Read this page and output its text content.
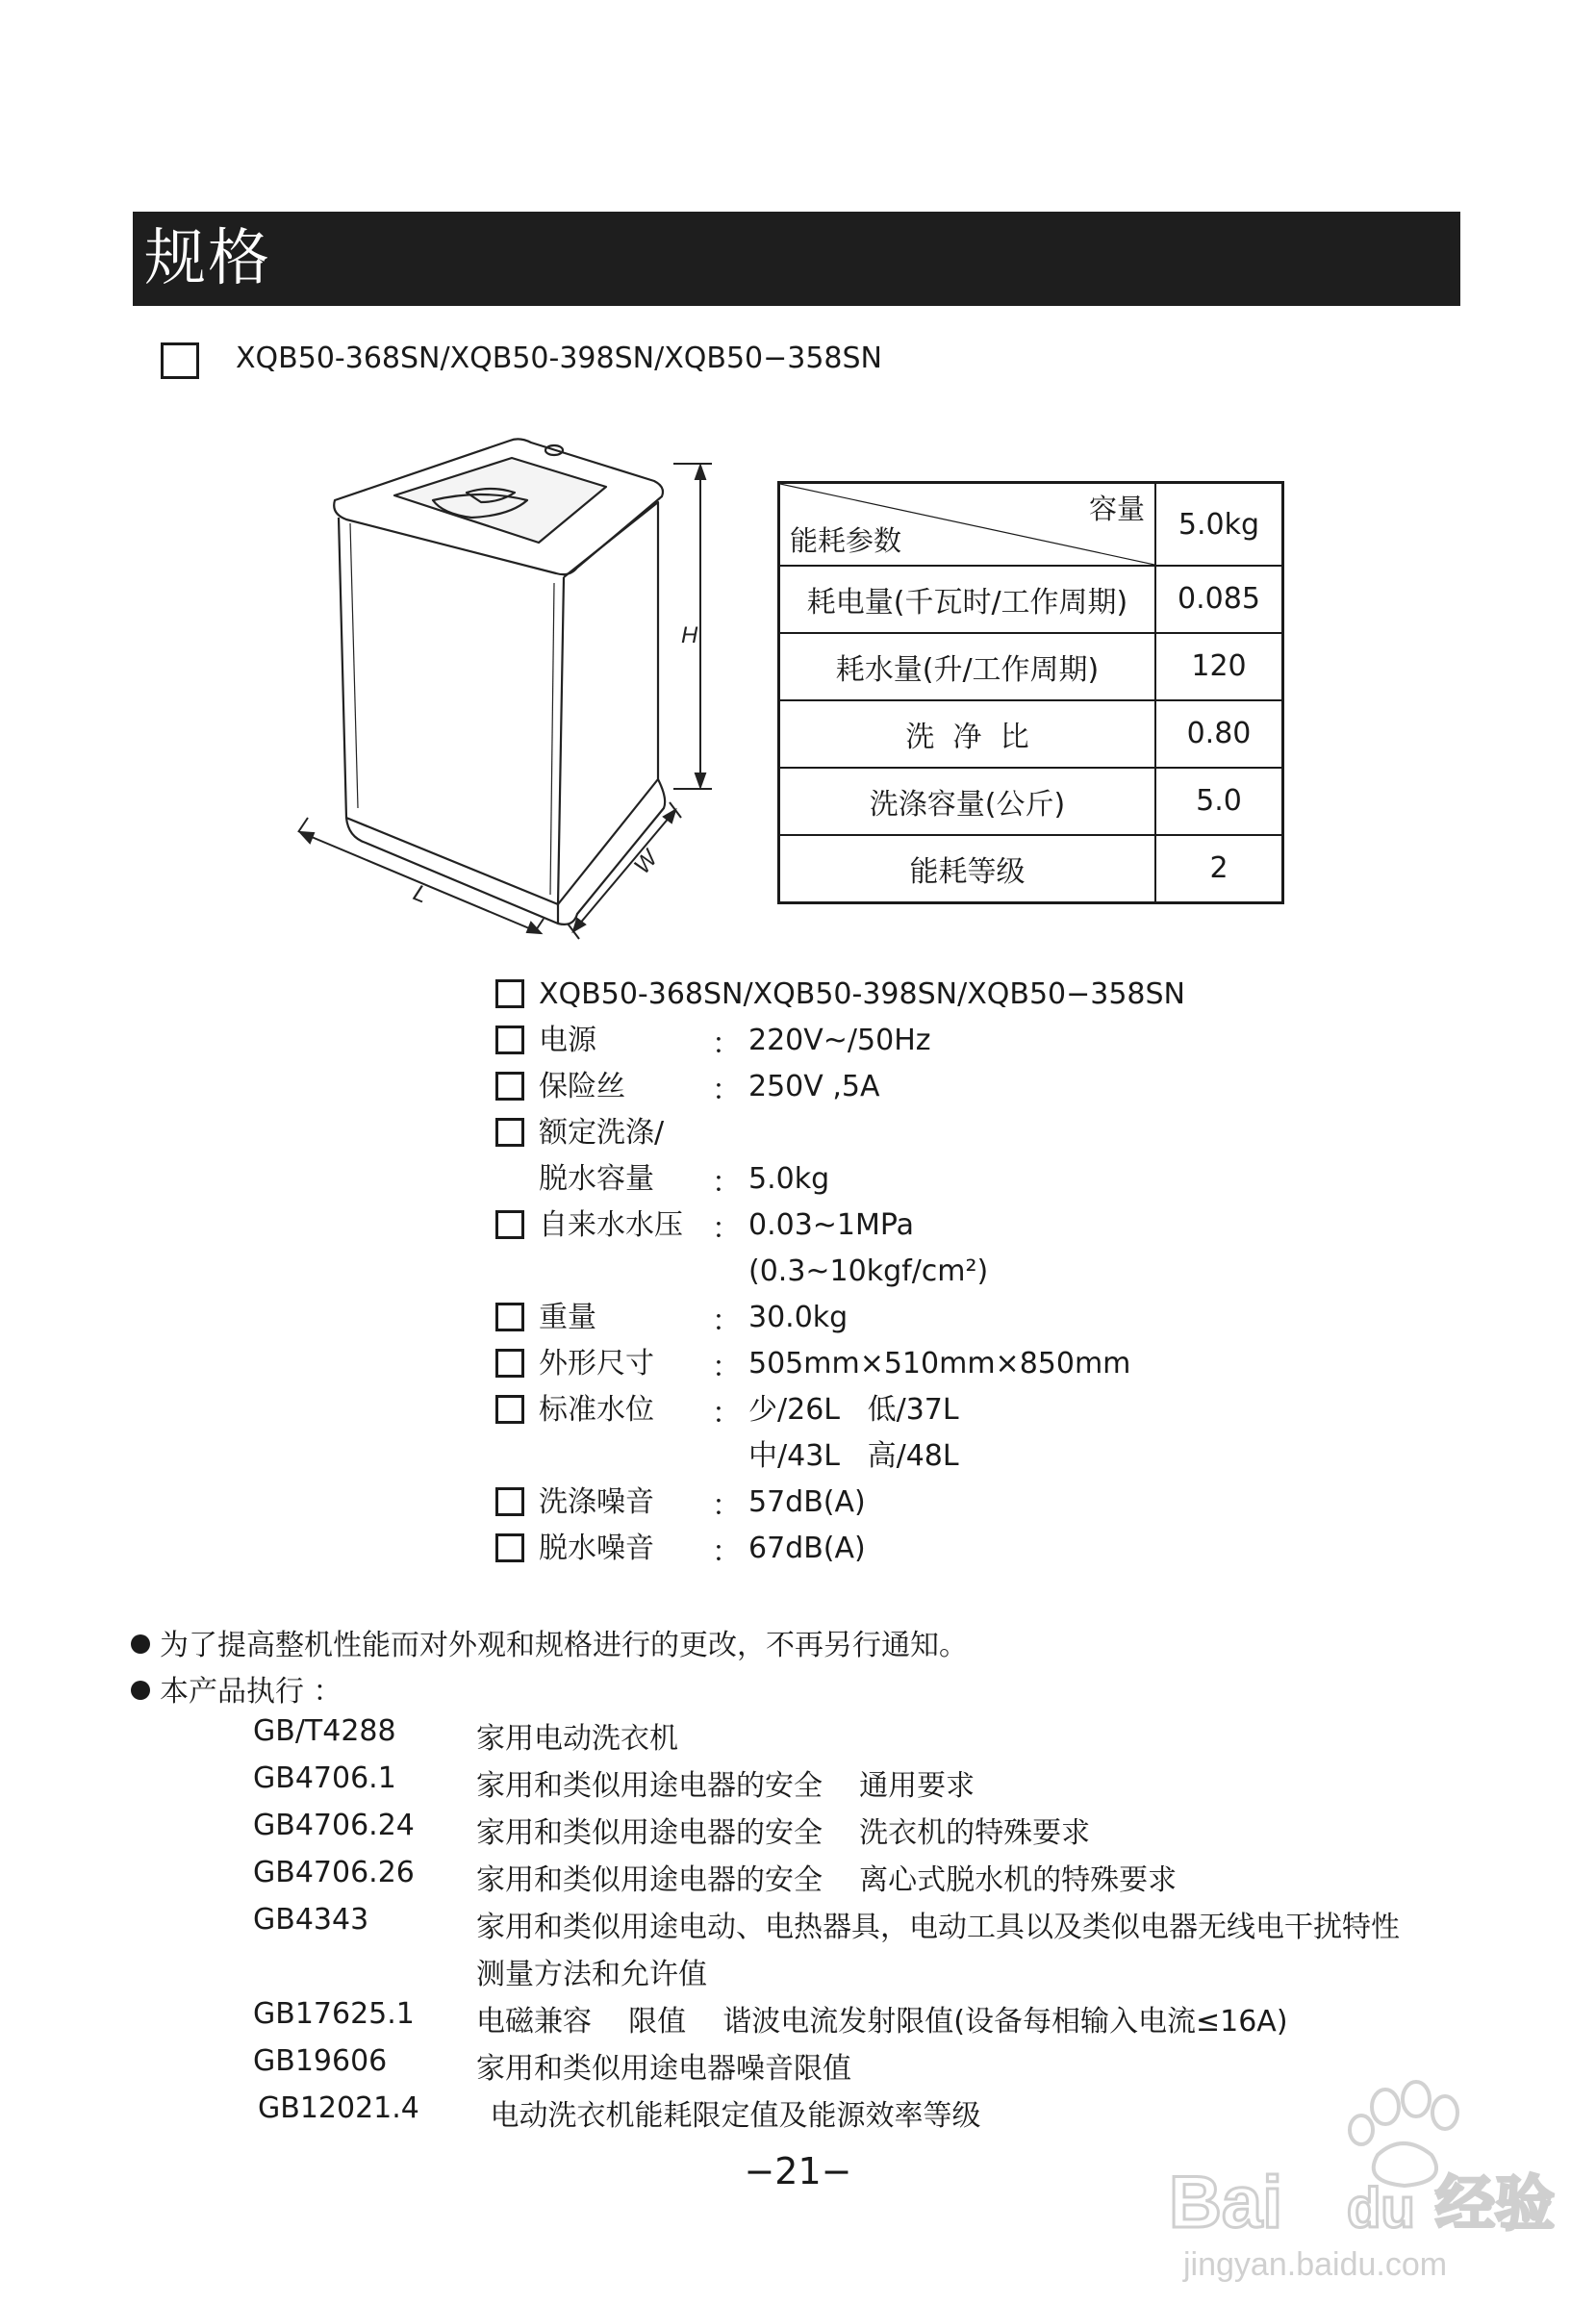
规格
XQB50-368SN/XQB50-398SN/XQB50−358SN
H
W
L
容量
能耗参数	5.0kg
耗电量(千瓦时/工作周期)	0.085
耗水量(升/工作周期)	120
洗  净  比	0.80
洗涤容量(公斤)	5.0
能耗等级	2
XQB50-368SN/XQB50-398SN/XQB50−358SN
电源	： 220V~/50Hz
保险丝	： 250V ,5A
额定洗涤/
脱水容量 ： 5.0kg
自来水水压 ： 0.03~1MPa
(0.3~10kgf/cm²)
重量	： 30.0kg
外形尺寸 ： 505mm×510mm×850mm
标准水位 ： 少/26L   低/37L
中/43L   高/48L
洗涤噪音 ： 57dB(A)
脱水噪音 ： 67dB(A)
为了提高整机性能而对外观和规格进行的更改，不再另行通知。
本产品执行 ：
GB/T4288	家用电动洗衣机
GB4706.1	家用和类似用途电器的安全    通用要求
GB4706.24 家用和类似用途电器的安全    洗衣机的特殊要求
GB4706.26 家用和类似用途电器的安全    离心式脱水机的特殊要求
GB4343	家用和类似用途电动、电热器具，电动工具以及类似电器无线电干扰特性
测量方法和允许值
GB17625.1 电磁兼容    限值    谐波电流发射限值(设备每相输入电流≤16A)
GB19606	家用和类似用途电器噪音限值
GB12021.4 电动洗衣机能耗限定值及能源效率等级
−21−	Bai du 经验
jingyan.baidu.com
